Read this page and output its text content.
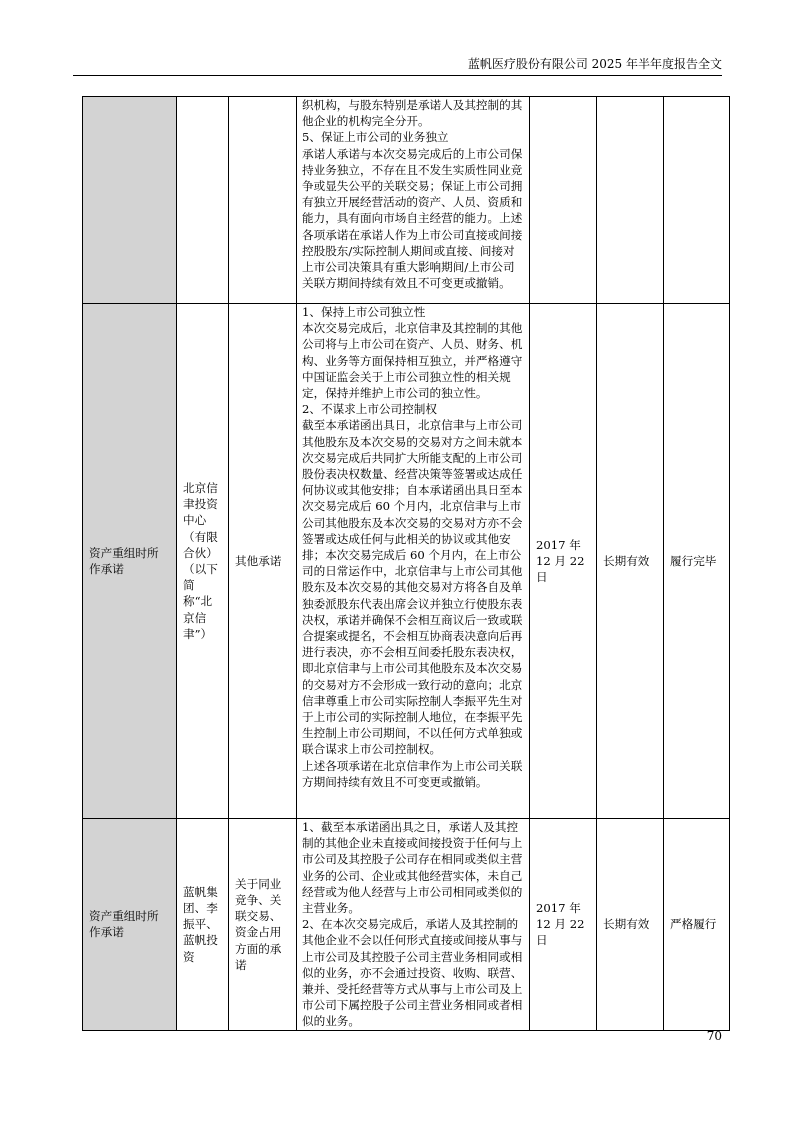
蓝帆医疗股份有限公司 2025 年半年度报告全文

			织机构，与股东特别是承诺人及其控制的其他企业的机构完全分开。
5、保证上市公司的业务独立
承诺人承诺与本次交易完成后的上市公司保持业务独立，不存在且不发生实质性同业竞争或显失公平的关联交易；保证上市公司拥有独立开展经营活动的资产、人员、资质和能力，具有面向市场自主经营的能力。上述各项承诺在承诺人作为上市公司直接或间接控股股东/实际控制人期间或直接、间接对上市公司决策具有重大影响期间/上市公司关联方期间持续有效且不可变更或撤销。			

资产重组时所作承诺	北京信聿投资中心（有限合伙）（以下简称“北京信聿”）	其他承诺	1、保持上市公司独立性
本次交易完成后，北京信聿及其控制的其他公司将与上市公司在资产、人员、财务、机构、业务等方面保持相互独立，并严格遵守中国证监会关于上市公司独立性的相关规定，保持并维护上市公司的独立性。
2、不谋求上市公司控制权
截至本承诺函出具日，北京信聿与上市公司其他股东及本次交易的交易对方之间未就本次交易完成后共同扩大所能支配的上市公司股份表决权数量、经营决策等签署或达成任何协议或其他安排；自本承诺函出具日至本次交易完成后 60 个月内，北京信聿与上市公司其他股东及本次交易的交易对方亦不会签署或达成任何与此相关的协议或其他安排；本次交易完成后 60 个月内，在上市公司的日常运作中，北京信聿与上市公司其他股东及本次交易的其他交易对方将各自及单独委派股东代表出席会议并独立行使股东表决权，承诺并确保不会相互商议后一致或联合提案或提名，不会相互协商表决意向后再进行表决，亦不会相互间委托股东表决权，即北京信聿与上市公司其他股东及本次交易的交易对方不会形成一致行动的意向；北京信聿尊重上市公司实际控制人李振平先生对于上市公司的实际控制人地位，在李振平先生控制上市公司期间，不以任何方式单独或联合谋求上市公司控制权。
上述各项承诺在北京信聿作为上市公司关联方期间持续有效且不可变更或撤销。	2017 年 12 月 22 日	长期有效	履行完毕
资产重组时所作承诺	蓝帆集团、李振平、蓝帆投资	关于同业竞争、关联交易、资金占用方面的承诺	1、截至本承诺函出具之日，承诺人及其控制的其他企业未直接或间接投资于任何与上市公司及其控股子公司存在相同或类似主营业务的公司、企业或其他经营实体，未自己经营或为他人经营与上市公司相同或类似的主营业务。
2、在本次交易完成后，承诺人及其控制的其他企业不会以任何形式直接或间接从事与上市公司及其控股子公司主营业务相同或相似的业务，亦不会通过投资、收购、联营、兼并、受托经营等方式从事与上市公司及上市公司下属控股子公司主营业务相同或者相似的业务。	2017 年 12 月 22 日	长期有效	严格履行
70
